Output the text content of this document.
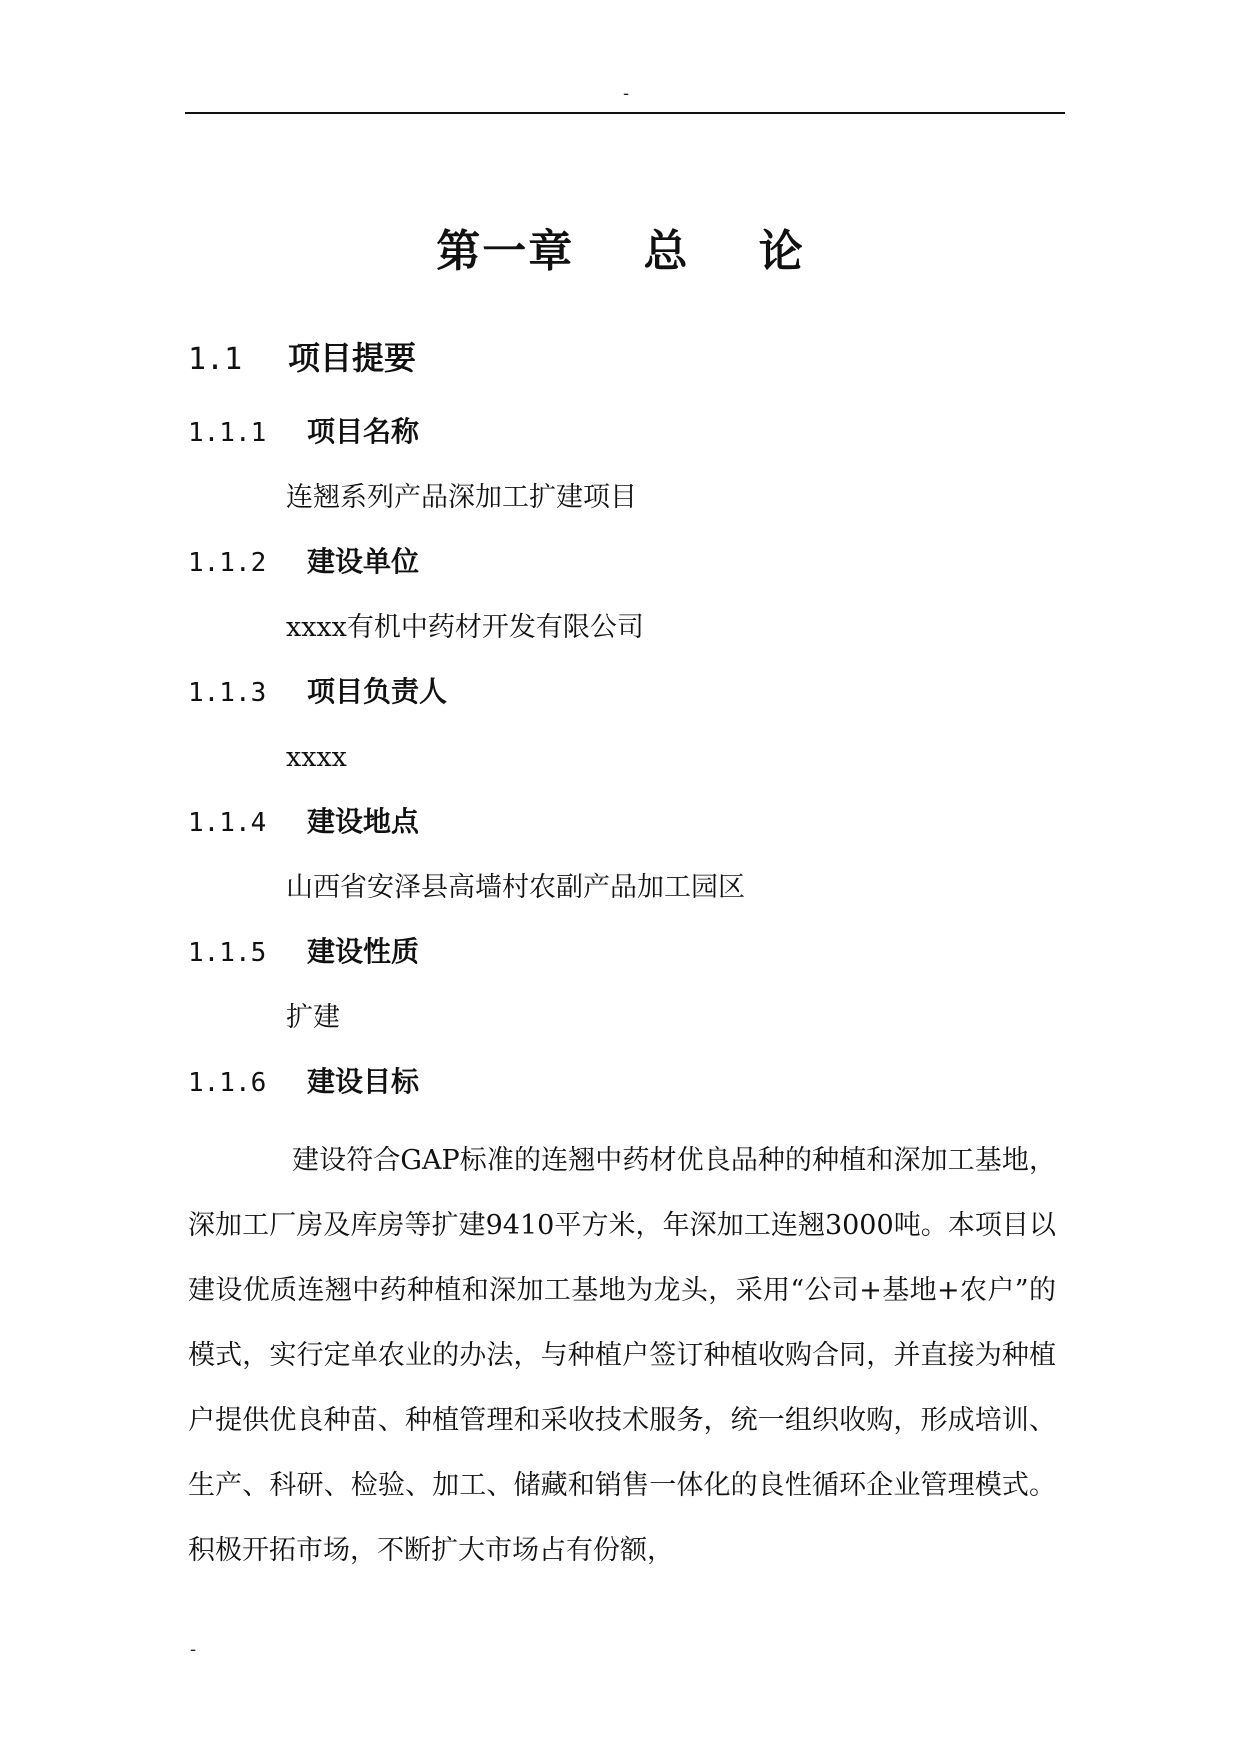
-
第一章    总    论
1.1 项目提要
1.1.1 项目名称
连翘系列产品深加工扩建项目
1.1.2 建设单位
xxxx有机中药材开发有限公司
1.1.3 项目负责人
xxxx
1.1.4 建设地点
山西省安泽县高墙村农副产品加工园区
1.1.5 建设性质
扩建
1.1.6 建设目标
建设符合GAP标准的连翘中药材优良品种的种植和深加工基地，深加工厂房及库房等扩建9410平方米，年深加工连翘3000吨。本项目以建设优质连翘中药种植和深加工基地为龙头，采用“公司+基地+农户”的模式，实行定单农业的办法，与种植户签订种植收购合同，并直接为种植户提供优良种苗、种植管理和采收技术服务，统一组织收购，形成培训、生产、科研、检验、加工、储藏和销售一体化的良性循环企业管理模式。积极开拓市场，不断扩大市场占有份额，
-
